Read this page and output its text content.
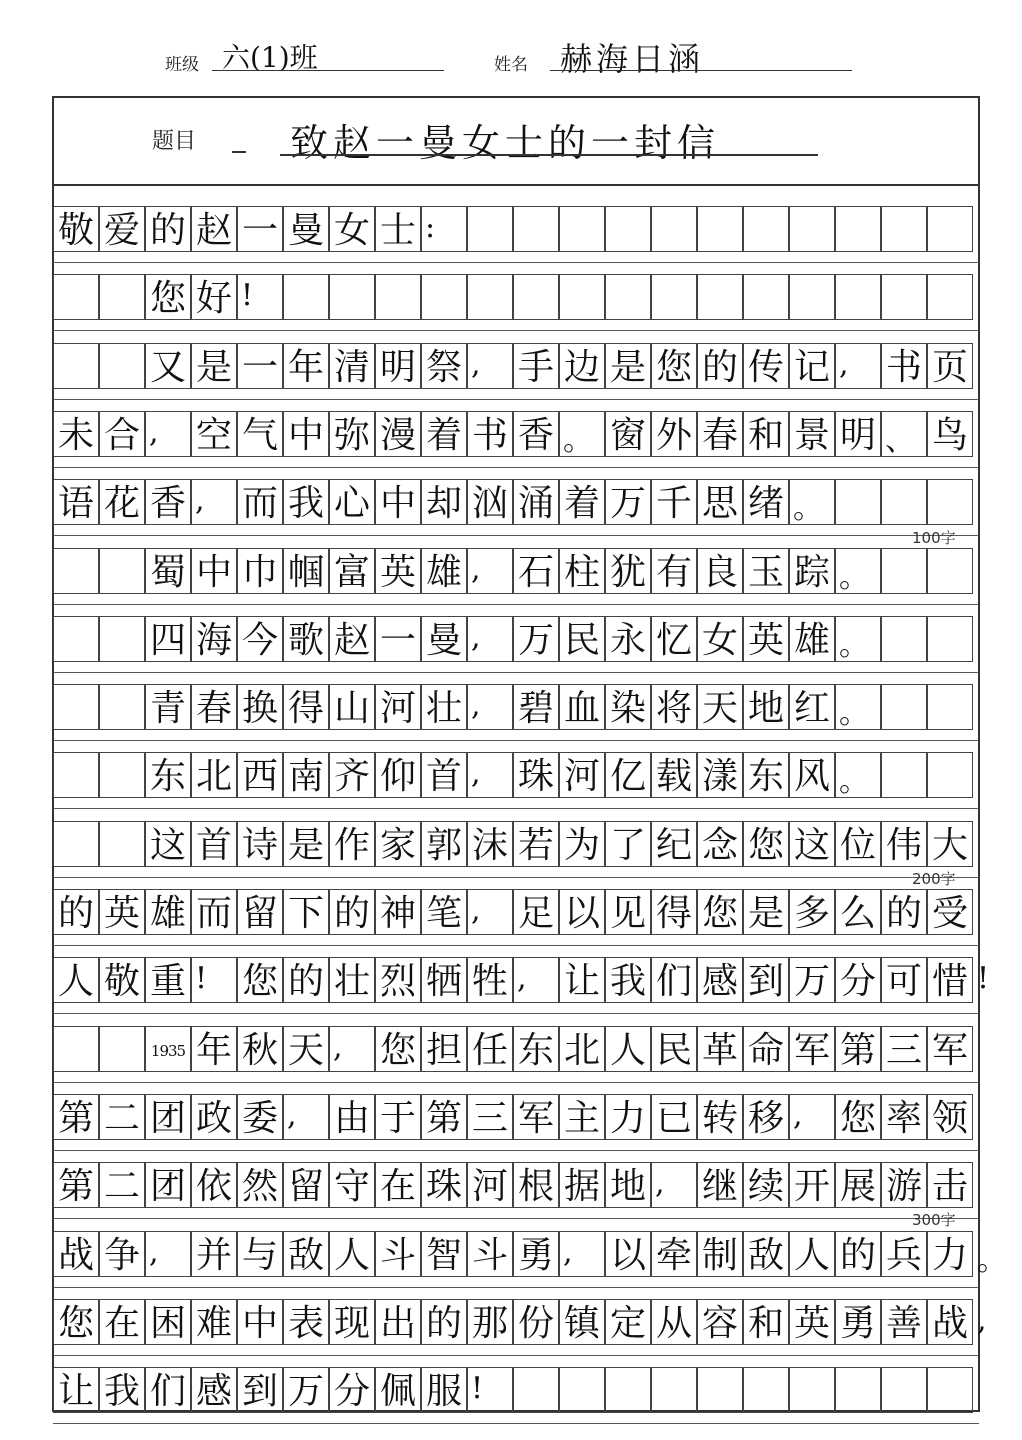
班级 六(1)班	姓名 赫海日涵
题目 致赵一曼女士的一封信
敬 爱 的 赵 一 曼 女 士 :
您 好 !
又 是 一 年 清 明 祭 , 手 边 是 您 的 传 记 , 书 页
未 合 , 空 气 中 弥 漫 着 书 香 。 窗 外 春 和 景 明 、 鸟
语 花 香 , 而 我 心 中 却 汹 涌 着 万 千 思 绪 。
蜀 中 巾 帼 富 英 雄 , 石 柱 犹 有 良 玉 踪 。
四 海 今 歌 赵 一 曼 , 万 民 永 忆 女 英 雄 。
青 春 换 得 山 河 壮 , 碧 血 染 将 天 地 红 。
东 北 西 南 齐 仰 首 , 珠 河 亿 载 漾 东 风 。
这 首 诗 是 作 家 郭 沫 若 为 了 纪 念 您 这 位 伟 大
的 英 雄 而 留 下 的 神 笔 , 足 以 见 得 您 是 多 么 的 受
人 敬 重 ! 您 的 壮 烈 牺 牲 , 让 我 们 感 到 万 分 可 惜 !
1935 年 秋 天 , 您 担 任 东 北 人 民 革 命 军 第 三 军
第 二 团 政 委 , 由 于 第 三 军 主 力 已 转 移 , 您 率 领
第 二 团 依 然 留 守 在 珠 河 根 据 地 , 继 续 开 展 游 击
战 争 , 并 与 敌 人 斗 智 斗 勇 , 以 牵 制 敌 人 的 兵 力 。
您 在 困 难 中 表 现 出 的 那 份 镇 定 从 容 和 英 勇 善 战 ,
让 我 们 感 到 万 分 佩 服 !
100字
200字
300字
